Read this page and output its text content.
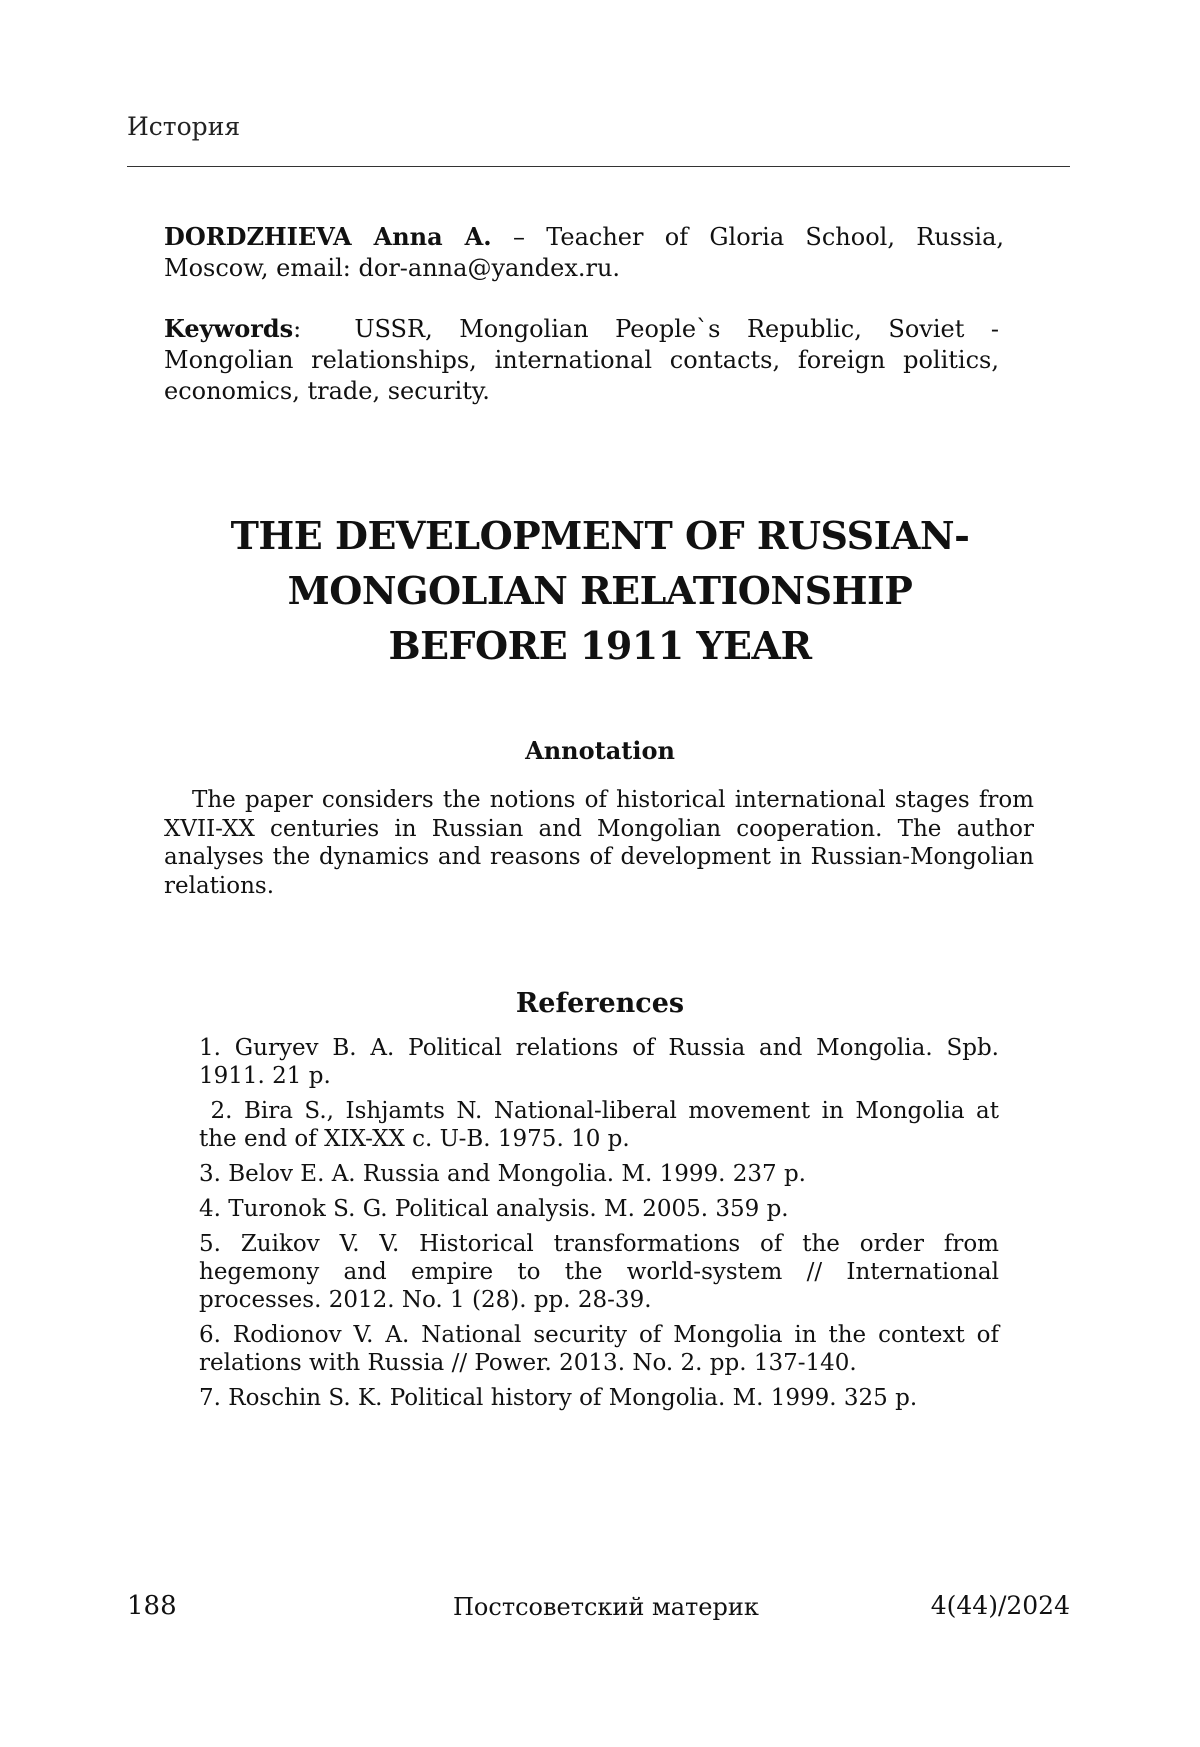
История
DORDZHIEVA Anna A. – Teacher of Gloria School, Russia, Moscow, email: dor-anna@yandex.ru.
Keywords:  USSR, Mongolian People`s Republic, Soviet - Mongolian relationships, international contacts, foreign politics, economics, trade, security.
THE DEVELOPMENT OF RUSSIAN-
MONGOLIAN RELATIONSHIP
BEFORE 1911 YEAR
Annotation
The paper considers the notions of historical international stages from XVII-XX centuries in Russian and Mongolian cooperation. The author analyses the dynamics and reasons of development in Russian-Mongolian relations.
References
1. Guryev B. A. Political relations of Russia and Mongolia. Spb. 1911. 21 p.
2. Bira S., Ishjamts N. National-liberal movement in Mongolia at the end of XIX-XX c. U-B. 1975. 10 p.
3. Belov E. A. Russia and Mongolia. M. 1999. 237 p.
4. Turonok S. G. Political analysis. M. 2005. 359 p.
5. Zuikov V. V. Historical transformations of the order from hegemony and empire to the world-system // International processes. 2012. No. 1 (28). pp. 28-39.
6. Rodionov V. A. National security of Mongolia in the context of relations with Russia // Power. 2013. No. 2. pp. 137-140.
7. Roschin S. K. Political history of Mongolia. M. 1999. 325 p.
188	Постсоветский материк	4(44)/2024
